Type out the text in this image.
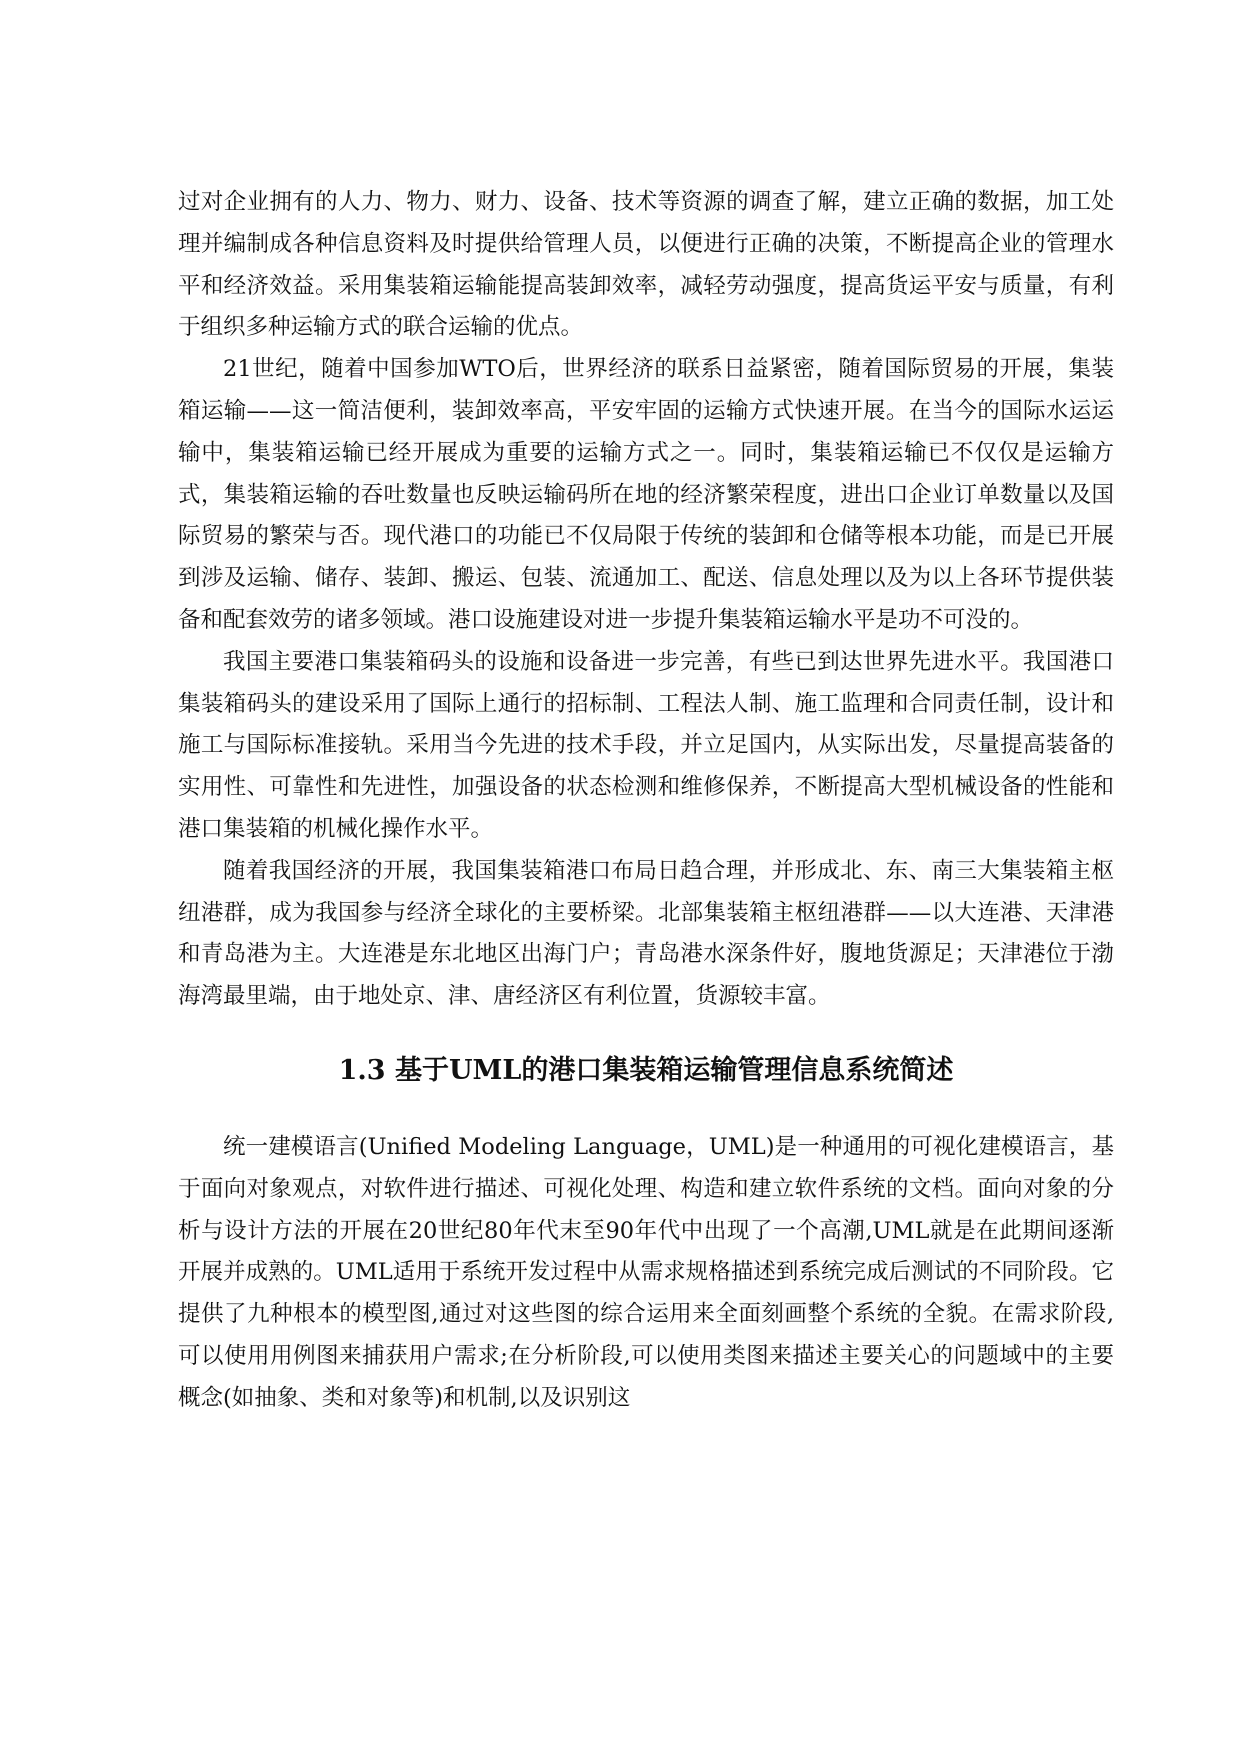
过对企业拥有的人力、物力、财力、设备、技术等资源的调查了解，建立正确的数据，加工处理并编制成各种信息资料及时提供给管理人员，以便进行正确的决策，不断提高企业的管理水平和经济效益。采用集装箱运输能提高装卸效率，减轻劳动强度，提高货运平安与质量，有利于组织多种运输方式的联合运输的优点。

21世纪，随着中国参加WTO后，世界经济的联系日益紧密，随着国际贸易的开展，集装箱运输——这一简洁便利，装卸效率高，平安牢固的运输方式快速开展。在当今的国际水运运输中，集装箱运输已经开展成为重要的运输方式之一。同时，集装箱运输已不仅仅是运输方式，集装箱运输的吞吐数量也反映运输码所在地的经济繁荣程度，进出口企业订单数量以及国际贸易的繁荣与否。现代港口的功能已不仅局限于传统的装卸和仓储等根本功能，而是已开展到涉及运输、储存、装卸、搬运、包装、流通加工、配送、信息处理以及为以上各环节提供装备和配套效劳的诸多领域。港口设施建设对进一步提升集装箱运输水平是功不可没的。

我国主要港口集装箱码头的设施和设备进一步完善，有些已到达世界先进水平。我国港口集装箱码头的建设采用了国际上通行的招标制、工程法人制、施工监理和合同责任制，设计和施工与国际标准接轨。采用当今先进的技术手段，并立足国内，从实际出发，尽量提高装备的实用性、可靠性和先进性，加强设备的状态检测和维修保养，不断提高大型机械设备的性能和港口集装箱的机械化操作水平。

随着我国经济的开展，我国集装箱港口布局日趋合理，并形成北、东、南三大集装箱主枢纽港群，成为我国参与经济全球化的主要桥梁。北部集装箱主枢纽港群——以大连港、天津港和青岛港为主。大连港是东北地区出海门户；青岛港水深条件好，腹地货源足；天津港位于渤海湾最里端，由于地处京、津、唐经济区有利位置，货源较丰富。

1.3 基于UML的港口集装箱运输管理信息系统简述

统一建模语言(Unified Modeling Language，UML)是一种通用的可视化建模语言，基于面向对象观点，对软件进行描述、可视化处理、构造和建立软件系统的文档。面向对象的分析与设计方法的开展在20世纪80年代末至90年代中出现了一个高潮,UML就是在此期间逐渐开展并成熟的。UML适用于系统开发过程中从需求规格描述到系统完成后测试的不同阶段。它提供了九种根本的模型图,通过对这些图的综合运用来全面刻画整个系统的全貌。在需求阶段,可以使用用例图来捕获用户需求;在分析阶段,可以使用类图来描述主要关心的问题域中的主要概念(如抽象、类和对象等)和机制,以及识别这
